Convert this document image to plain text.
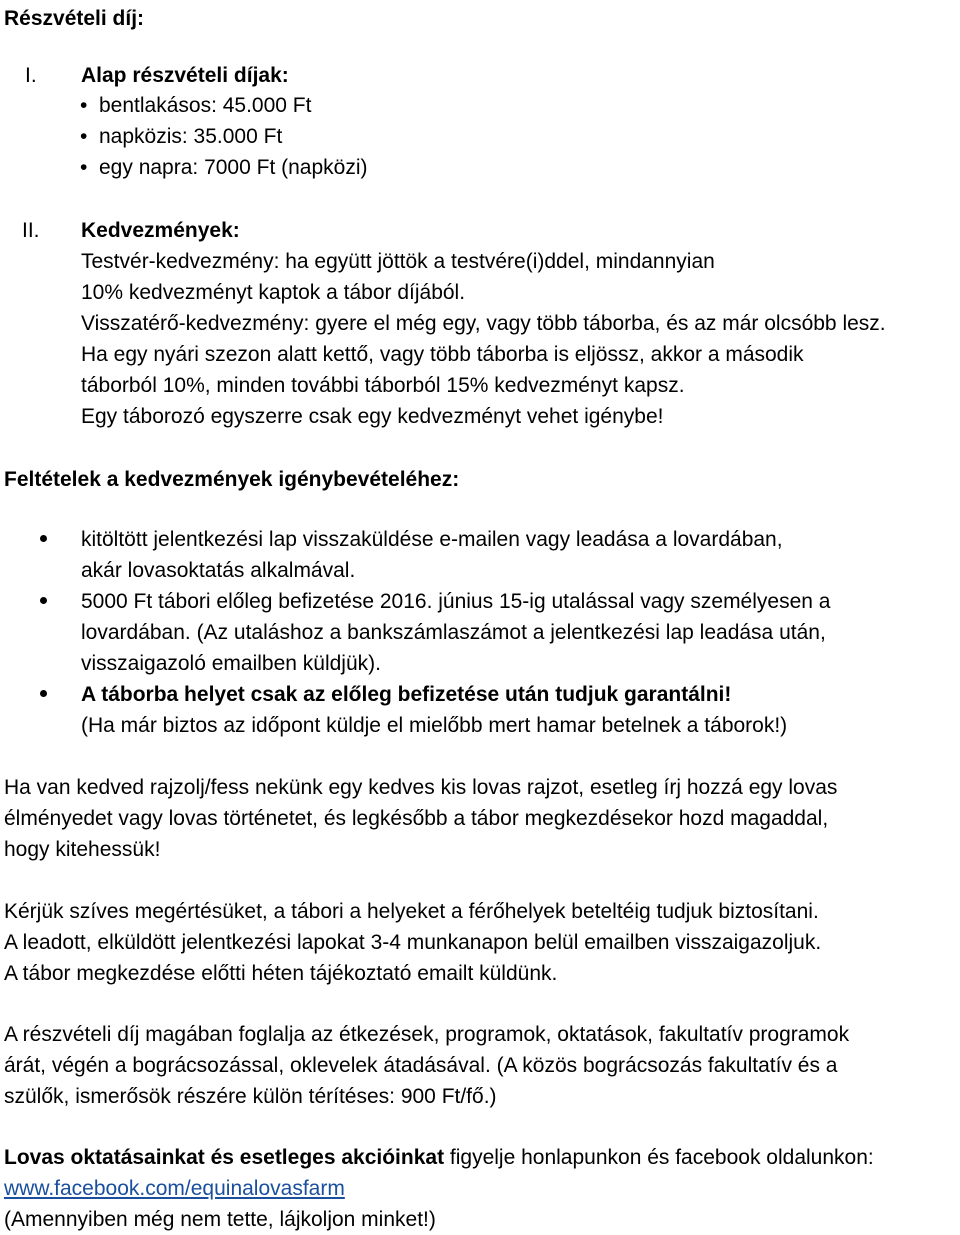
Részvételi díj:
I. Alap részvételi díjak:
• bentlakásos: 45.000 Ft
• napközis: 35.000 Ft
• egy napra: 7000 Ft (napközi)
II. Kedvezmények:
Testvér-kedvezmény: ha együtt jöttök a testvére(i)ddel, mindannyian
10% kedvezményt kaptok a tábor díjából.
Visszatérő-kedvezmény: gyere el még egy, vagy több táborba, és az már olcsóbb lesz.
Ha egy nyári szezon alatt kettő, vagy több táborba is eljössz, akkor a második
táborból 10%, minden további táborból 15% kedvezményt kapsz.
Egy táborozó egyszerre csak egy kedvezményt vehet igénybe!
Feltételek a kedvezmények igénybevételéhez:
kitöltött jelentkezési lap visszaküldése e-mailen vagy leadása a lovardában,
akár lovasoktatás alkalmával.
5000 Ft tábori előleg befizetése 2016. június 15-ig utalással vagy személyesen a
lovardában. (Az utaláshoz a bankszámlaszámot a jelentkezési lap leadása után,
visszaigazoló emailben küldjük).
A táborba helyet csak az előleg befizetése után tudjuk garantálni!
(Ha már biztos az időpont küldje el mielőbb mert hamar betelnek a táborok!)
Ha van kedved rajzolj/fess nekünk egy kedves kis lovas rajzot, esetleg írj hozzá egy lovas
élményedet vagy lovas történetet, és legkésőbb a tábor megkezdésekor hozd magaddal,
hogy kitehessük!
Kérjük szíves megértésüket, a tábori a helyeket a férőhelyek beteltéig tudjuk biztosítani.
A leadott, elküldött jelentkezési lapokat 3-4 munkanapon belül emailben visszaigazoljuk.
A tábor megkezdése előtti héten tájékoztató emailt küldünk.
A részvételi díj magában foglalja az étkezések, programok, oktatások, fakultatív programok
árát, végén a bográcsozással, oklevelek átadásával. (A közös bográcsozás fakultatív és a
szülők, ismerősök részére külön térítéses: 900 Ft/fő.)
Lovas oktatásainkat és esetleges akcióinkat figyelje honlapunkon és facebook oldalunkon:
www.facebook.com/equinalovasfarm
(Amennyiben még nem tette, lájkoljon minket!)
